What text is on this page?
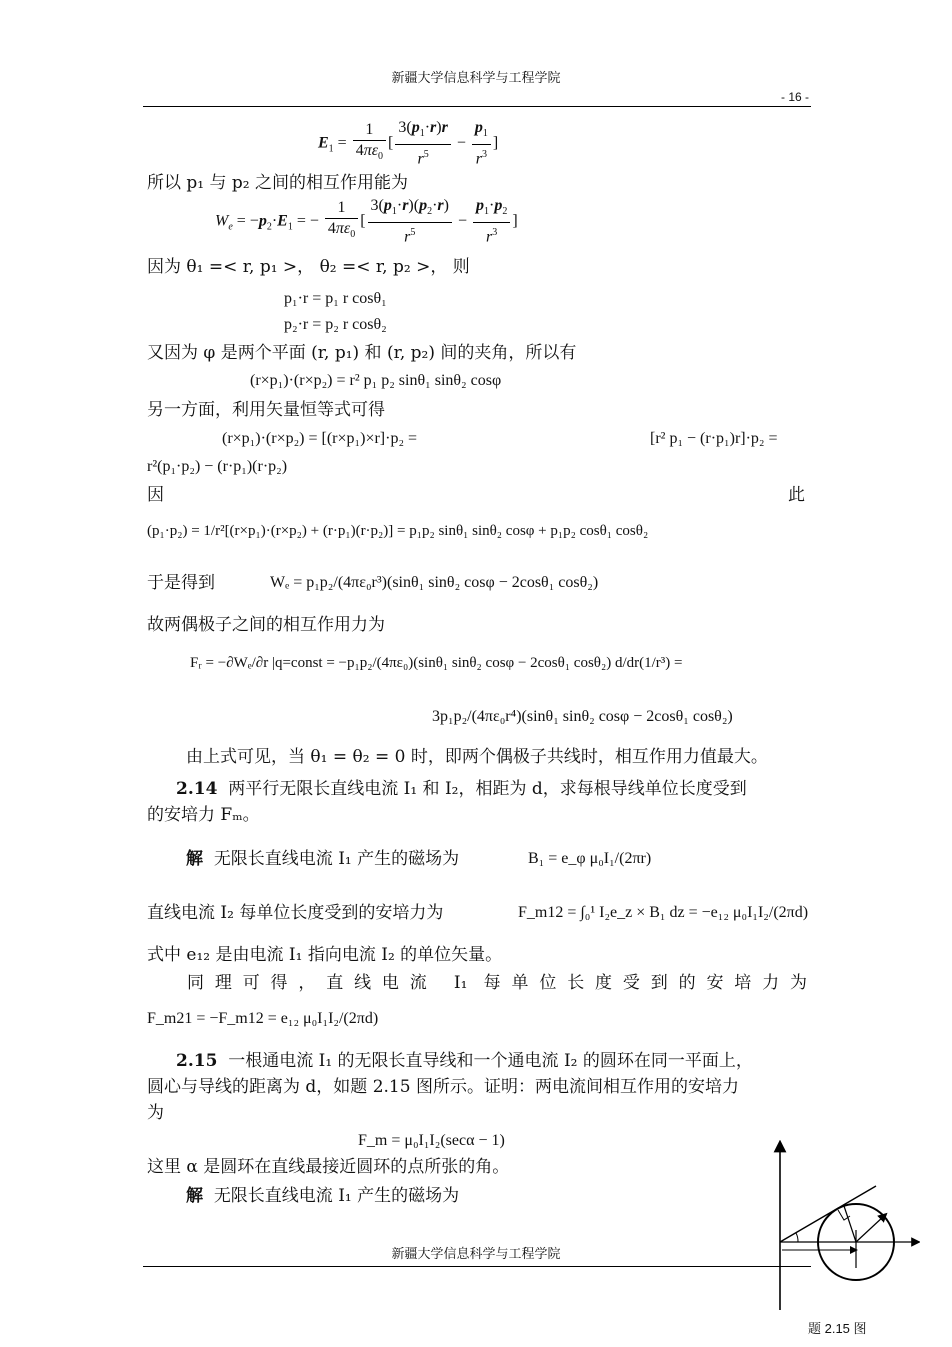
新疆大学信息科学与工程学院
- 16 -
$E_1 = \frac{1}{4\pi\varepsilon_0}$ [ $\frac{3(p_1\cdot r)r}{r^5} - \frac{p_1}{r^3}$ ]
所以 p₁ 与 p₂ 之间的相互作用能为
$W_e = -p_2\cdot E_1$ = − $\frac{1}{4\pi\varepsilon_0}$ [ $\frac{3(p_1\cdot r)(p_2\cdot r)}{r^5} - \frac{p_1\cdot p_2}{r^3}$ ]
因为 θ₁ =< r, p₁ >， θ₂ =< r, p₂ >， 则
p₁·r = p₁ r cosθ₁
p₂·r = p₂ r cosθ₂
又因为 φ 是两个平面 (r, p₁) 和 (r, p₂) 间的夹角，所以有
(r×p₁)·(r×p₂) = r² p₁ p₂ sinθ₁ sinθ₂ cosφ
另一方面，利用矢量恒等式可得
(r×p₁)·(r×p₂) = [(r×p₁)×r]·p₂ =	[r² p₁ − (r·p₁)r]·p₂ =
r²(p₁·p₂) − (r·p₁)(r·p₂)
因	此
(p₁·p₂) = 1/r²[(r×p₁)·(r×p₂) + (r·p₁)(r·p₂)] = p₁p₂ sinθ₁ sinθ₂ cosφ + p₁p₂ cosθ₁ cosθ₂
于是得到	Wₑ = p₁p₂/(4πε₀r³)(sinθ₁ sinθ₂ cosφ − 2cosθ₁ cosθ₂)
故两偶极子之间的相互作用力为
Fᵣ = −∂Wₑ/∂r |q=const = −p₁p₂/(4πε₀)(sinθ₁ sinθ₂ cosφ − 2cosθ₁ cosθ₂) d/dr(1/r³) =
3p₁p₂/(4πε₀r⁴)(sinθ₁ sinθ₂ cosφ − 2cosθ₁ cosθ₂)
由上式可见，当 θ₁ = θ₂ = 0 时，即两个偶极子共线时，相互作用力值最大。
2.14 两平行无限长直线电流 I₁ 和 I₂，相距为 d，求每根导线单位长度受到
的安培力 Fₘ。
解 无限长直线电流 I₁ 产生的磁场为	B₁ = e_φ μ₀I₁/(2πr)
直线电流 I₂ 每单位长度受到的安培力为	F_m12 = ∫₀¹ I₂e_z × B₁ dz = −e₁₂ μ₀I₁I₂/(2πd)
式中 e₁₂ 是由电流 I₁ 指向电流 I₂ 的单位矢量。
同理可得，直线电流 I₁ 每单位长度受到的安培力为
F_m21 = −F_m12 = e₁₂ μ₀I₁I₂/(2πd)
2.15 一根通电流 I₁ 的无限长直导线和一个通电流 I₂ 的圆环在同一平面上，
圆心与导线的距离为 d，如题 2.15 图所示。证明：两电流间相互作用的安培力
为
F_m = μ₀I₁I₂(secα − 1)
这里 α 是圆环在直线最接近圆环的点所张的角。
解 无限长直线电流 I₁ 产生的磁场为
题 2.15 图
新疆大学信息科学与工程学院
